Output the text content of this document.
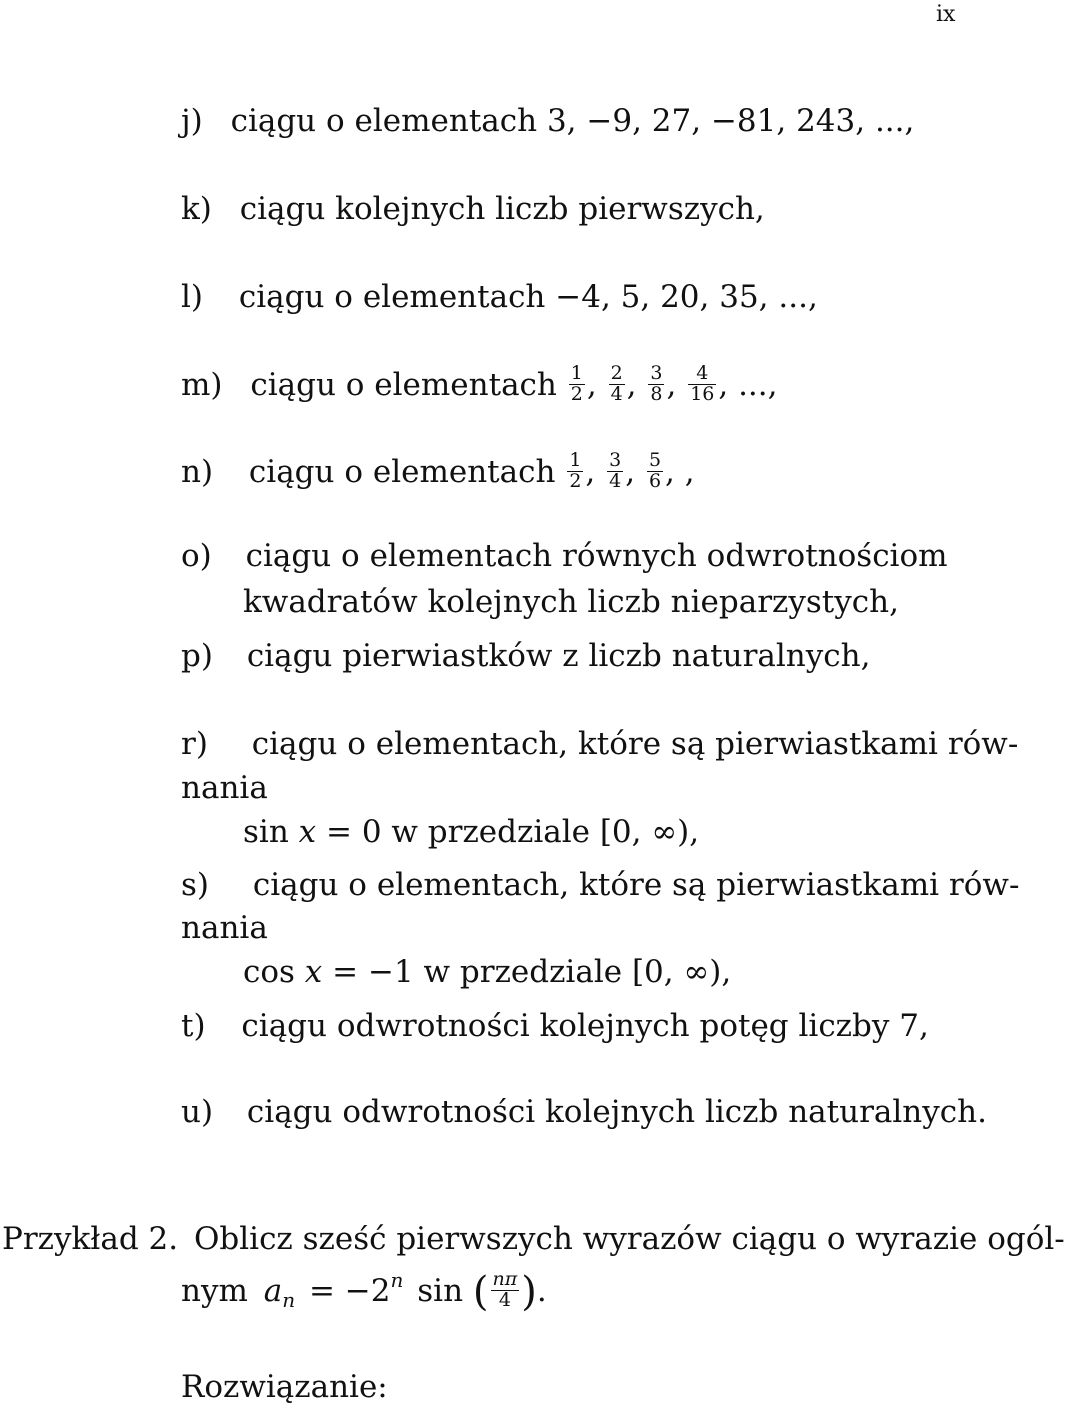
ix
j) ciągu o elementach 3, −9, 27, −81, 243, ...,
k) ciągu kolejnych liczb pierwszych,
l) ciągu o elementach −4, 5, 20, 35, ...,
m) ciągu o elementach $\frac{1}{2}$ , $\frac{2}{4}$ , $\frac{3}{8}$ , $\frac{4}{16}$ , ...,
n) ciągu o elementach $\frac{1}{2}$ , $\frac{3}{4}$ , $\frac{5}{6}$ , ,
o) ciągu o elementach równych odwrotnościom
kwadratów kolejnych liczb nieparzystych,
p) ciągu pierwiastków z liczb naturalnych,
r) ciągu o elementach, które są pierwiastkami rów-
nania
sin x = 0 w przedziale [0, ∞),
s) ciągu o elementach, które są pierwiastkami rów-
nania
cos x = −1 w przedziale [0, ∞),
t) ciągu odwrotności kolejnych potęg liczby 7,
u) ciągu odwrotności kolejnych liczb naturalnych.
Przykład 2. Oblicz sześć pierwszych wyrazów ciągu o wyrazie ogól-
nym $a_n = -2^n$ sin ( $\frac{n\pi}{4}$ ).
Rozwiązanie:
